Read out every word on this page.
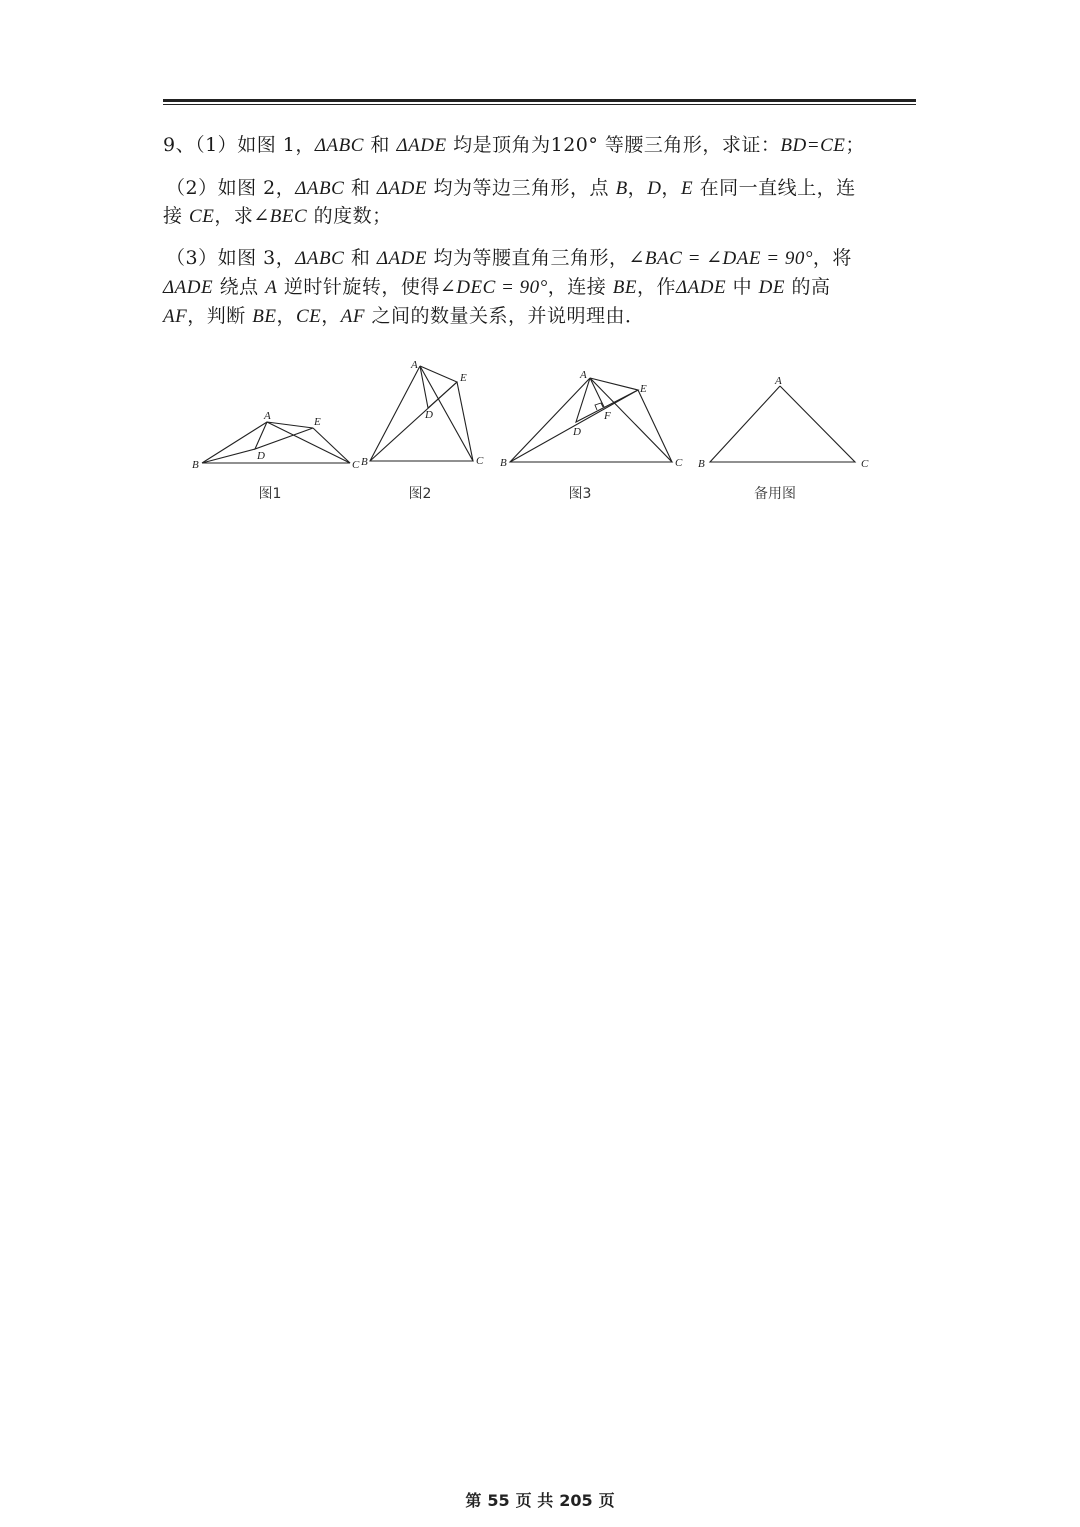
9、（1）如图 1，ΔABC 和 ΔADE 均是顶角为120° 等腰三角形，求证：BD=CE；
（2）如图 2，ΔABC 和 ΔADE 均为等边三角形，点 B，D，E 在同一直线上，连
接 CE，求∠BEC 的度数；
（3）如图 3，ΔABC 和 ΔADE 均为等腰直角三角形，∠BAC = ∠DAE = 90°，将
ΔADE 绕点 A 逆时针旋转，使得∠DEC = 90°，连接 BE，作ΔADE 中 DE 的高
AF，判断 BE，CE，AF 之间的数量关系，并说明理由．
A	E
D
B	C
图1
A
E
D
B	C
图2
A
E
F
D
B	C
图3
A
B	C
备用图
第 55 页 共 205 页
